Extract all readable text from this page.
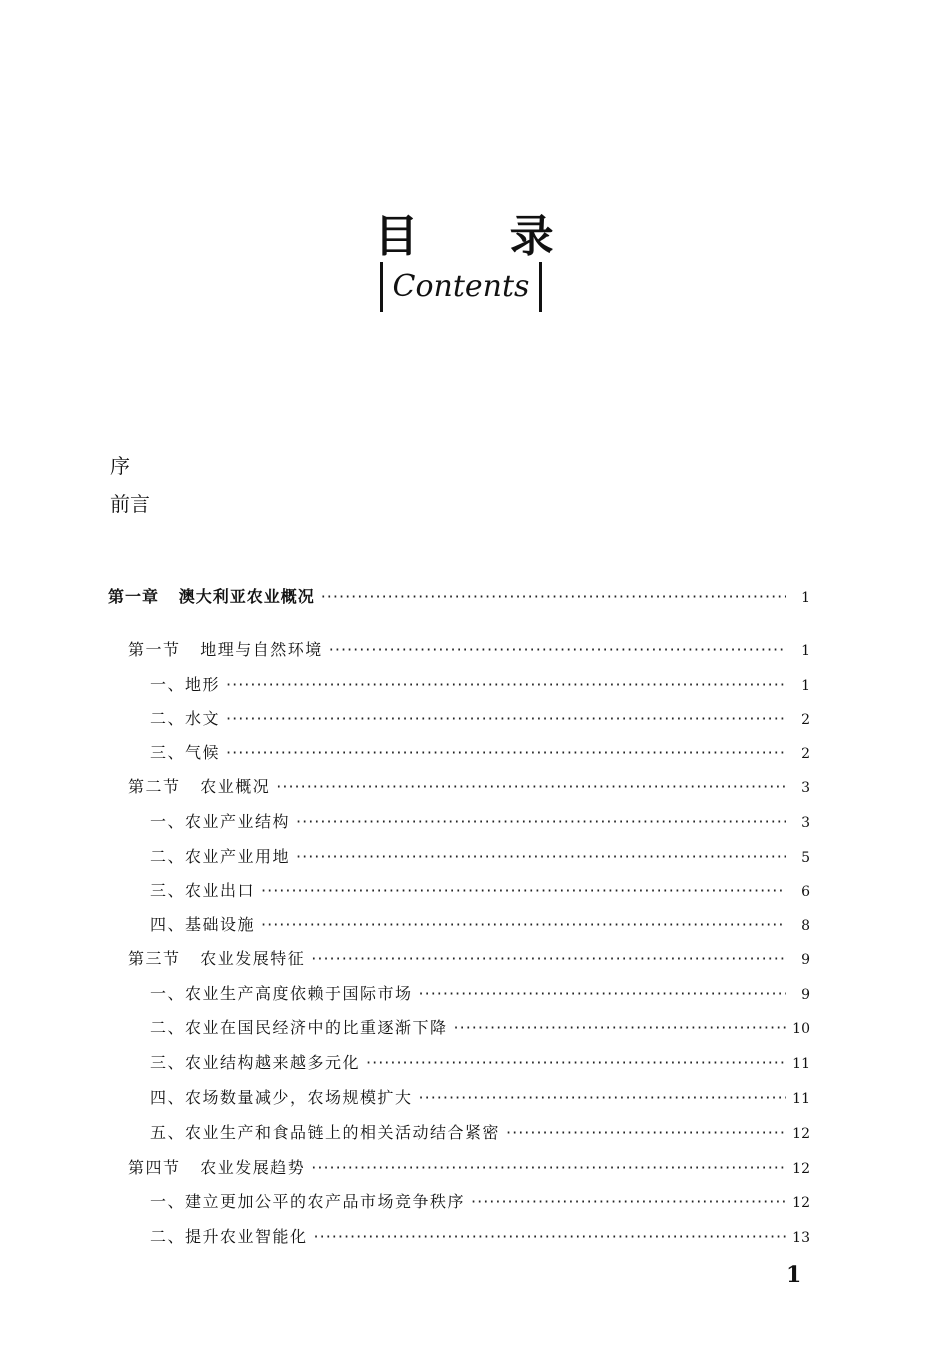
目 录
Contents
序
前言
第一章   澳大利亚农业概况 ·····	1
第一节   地理与自然环境 ·····	1
一、地形 ·····	1
二、水文 ·····	2
三、气候 ·····	2
第二节   农业概况 ·····	3
一、农业产业结构 ·····	3
二、农业产业用地 ·····	5
三、农业出口 ·····	6
四、基础设施 ·····	8
第三节   农业发展特征 ·····	9
一、农业生产高度依赖于国际市场 ·····	9
二、农业在国民经济中的比重逐渐下降 ·····	10
三、农业结构越来越多元化 ·····	11
四、农场数量减少，农场规模扩大 ·····	11
五、农业生产和食品链上的相关活动结合紧密 ·····	12
第四节   农业发展趋势 ·····	12
一、建立更加公平的农产品市场竞争秩序 ·····	12
二、提升农业智能化 ·····	13
1
